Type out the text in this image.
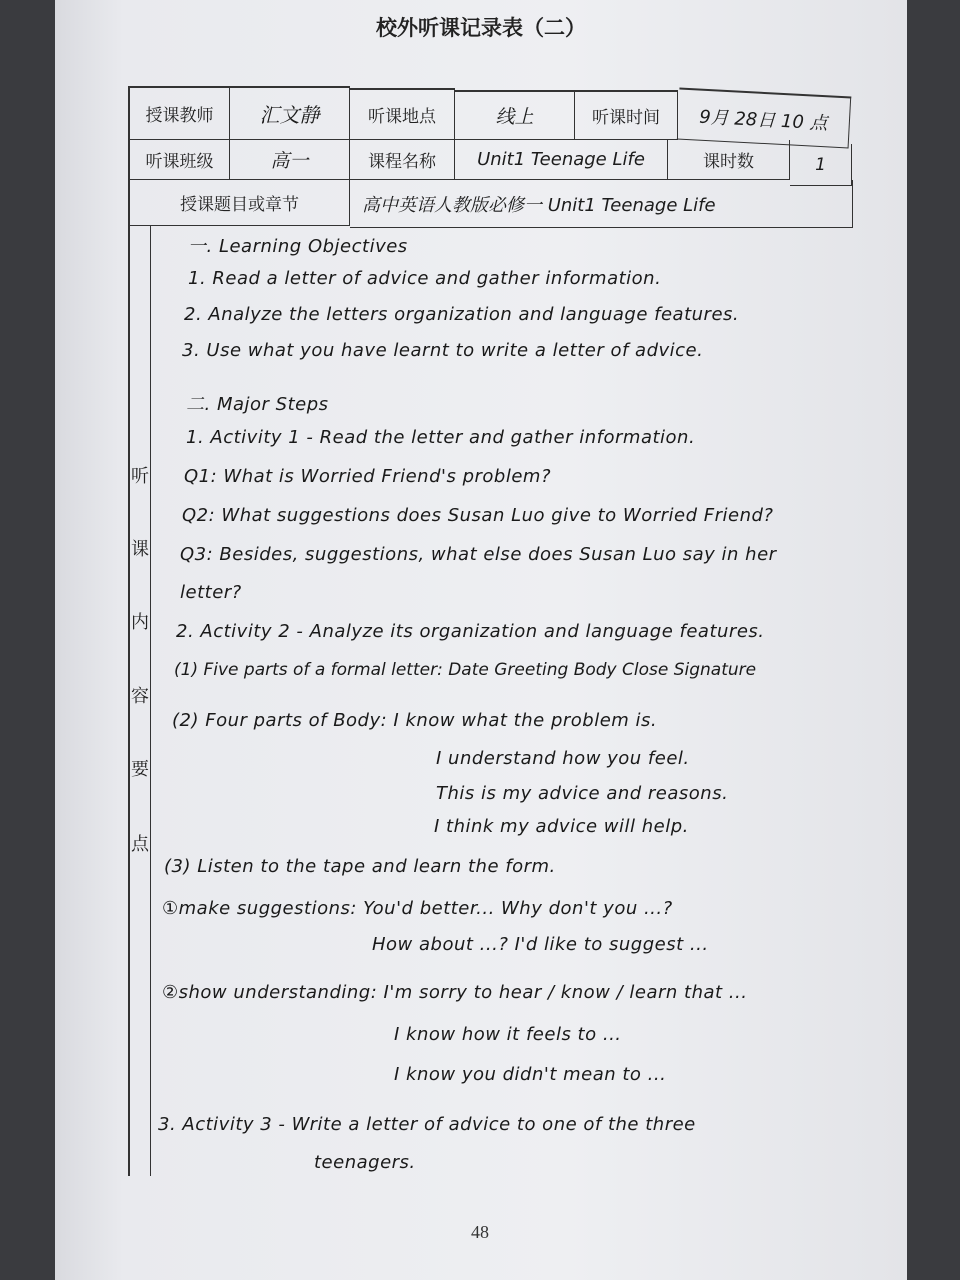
校外听课记录表（二）
授课教师	汇文静	听课地点	线上	听课时间	9月 28日 10 点
听课班级	高一	课程名称	Unit1 Teenage Life	课时数	1
授课题目或章节	高中英语人教版必修一 Unit1 Teenage Life
听
课
内
容
要
点
一. Learning Objectives
1. Read a letter of advice and gather information.
2. Analyze the letters organization and language features.
3. Use what you have learnt to write a letter of advice.
二. Major Steps
1. Activity 1 - Read the letter and gather information.
Q1: What is Worried Friend's problem?
Q2: What suggestions does Susan Luo give to Worried Friend?
Q3: Besides, suggestions, what else does Susan Luo say in her
letter?
2. Activity 2 - Analyze its organization and language features.
(1) Five parts of a formal letter: Date Greeting Body Close Signature
(2) Four parts of Body: I know what the problem is.
I understand how you feel.
This is my advice and reasons.
I think my advice will help.
(3) Listen to the tape and learn the form.
①make suggestions: You'd better... Why don't you ...?
How about ...? I'd like to suggest ...
②show understanding: I'm sorry to hear / know / learn that ...
I know how it feels to ...
I know you didn't mean to ...
3. Activity 3 - Write a letter of advice to one of the three
teenagers.
48
